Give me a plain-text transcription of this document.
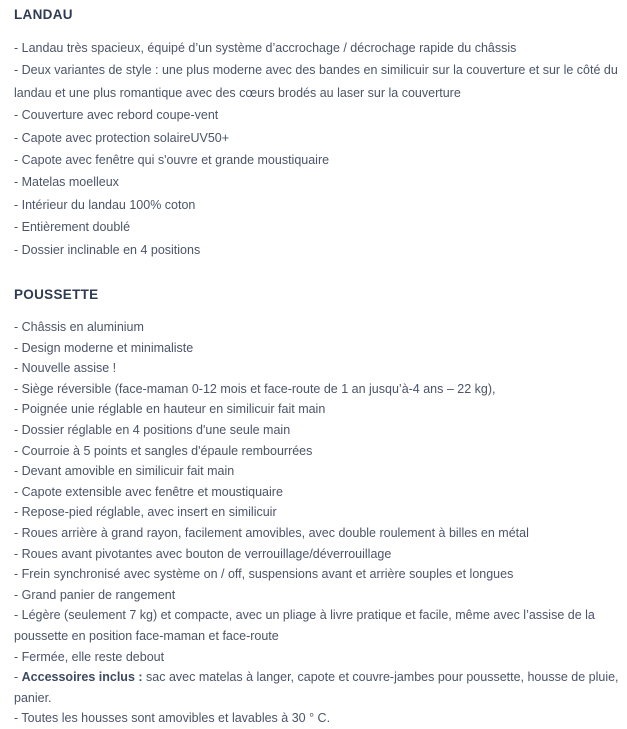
LANDAU

- Landau très spacieux, équipé d’un système d’accrochage / décrochage rapide du châssis

- Deux variantes de style : une plus moderne avec des bandes en similicuir sur la couverture et sur le côté du landau et une plus romantique avec des cœurs brodés au laser sur la couverture

- Couverture avec rebord coupe-vent

- Capote avec protection solaireUV50+

- Capote avec fenêtre qui s'ouvre et grande moustiquaire

- Matelas moelleux

- Intérieur du landau 100% coton

- Entièrement doublé

- Dossier inclinable en 4 positions

POUSSETTE

- Châssis en aluminium

- Design moderne et minimaliste

- Nouvelle assise !

- Siège réversible (face-maman 0-12 mois et face-route de 1 an jusqu’à-4 ans – 22 kg),

- Poignée unie réglable en hauteur en similicuir fait main

- Dossier réglable en 4 positions d'une seule main

- Courroie à 5 points et sangles d'épaule rembourrées

- Devant amovible en similicuir fait main

- Capote extensible avec fenêtre et moustiquaire

- Repose-pied réglable, avec insert en similicuir

- Roues arrière à grand rayon, facilement amovibles, avec double roulement à billes en métal

- Roues avant pivotantes avec bouton de verrouillage/déverrouillage

- Frein synchronisé avec système on / off, suspensions avant et arrière souples et longues

- Grand panier de rangement

- Légère (seulement 7 kg) et compacte, avec un pliage à livre pratique et facile, même avec l’assise de la poussette en position face-maman et face-route

- Fermée, elle reste debout

- Accessoires inclus : sac avec matelas à langer, capote et couvre-jambes pour poussette, housse de pluie, panier.

- Toutes les housses sont amovibles et lavables à 30 ° C.
